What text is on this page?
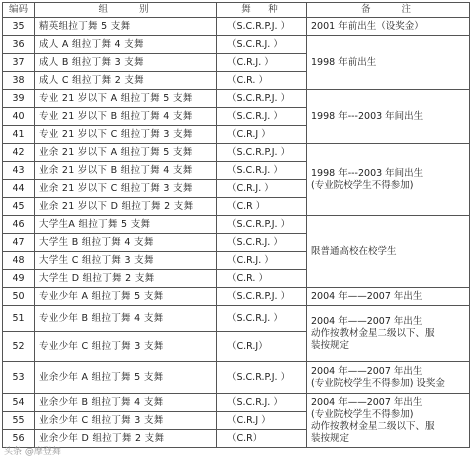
编码	组　　别	舞　种	备　　注
35	精英组拉丁舞 5 支舞	（S.C.R.P.J. ）	2001 年前出生（设奖金）

36	成人 A 组拉丁舞 4 支舞	（S.C.R.J. ）	1998 年前出生

37	成人 B 组拉丁舞 3 支舞	（C.R.J. ）	
38	成人 C 组拉丁舞 2 支舞	（C.R. ）	
39	专业 21 岁以下 A 组拉丁舞 5 支舞	（S.C.R.P.J. ）	1998 年---2003 年间出生

40	专业 21 岁以下 B 组拉丁舞 4 支舞	（S.C.R.J. ）	
41	专业 21 岁以下 C 组拉丁舞 3 支舞	（C.R.J ）	
42	业余 21 岁以下 A 组拉丁舞 5 支舞	（S.C.R.P.J. ）	1998 年---2003 年间出生
(专业院校学生不得参加)

43	业余 21 岁以下 B 组拉丁舞 4 支舞	（S.C.R.J. ）	
44	业余 21 岁以下 C 组拉丁舞 3 支舞	（C.R.J. ）	
45	业余 21 岁以下 D 组拉丁舞 2 支舞	（C.R ）	
46	大学生A 组拉丁舞 5 支舞	（S.C.R.P.J. ）	限普通高校在校学生

47	大学生 B 组拉丁舞 4 支舞	（S.C.R.J. ）	
48	大学生 C 组拉丁舞 3 支舞	（C.R.J. ）	
49	大学生 D 组拉丁舞 2 支舞	（C.R. ）	
50	专业少年 A 组拉丁舞 5 支舞	（S.C.R.P.J. ）	2004 年——2007 年出生

51	专业少年 B 组拉丁舞 4 支舞	（S.C.R.J. ）	2004 年——2007 年出生
动作按教材金星二级以下、服
装按规定

52	专业少年 C 组拉丁舞 3 支舞	（C.R.J）	
53	业余少年 A 组拉丁舞 5 支舞	（S.C.R.P.J. ）	2004 年——2007 年出生
(专业院校学生不得参加) 设奖金

54	业余少年 B 组拉丁舞 4 支舞	（S.C.R.J. ）	2004 年——2007 年出生
(专业院校学生不得参加)
动作按教材金星二级以下、服
装按规定

55	业余少年 C 组拉丁舞 3 支舞	（C.R.J ）	
56	业余少年 D 组拉丁舞 2 支舞	（C.R）	
头条 @摩登舞
